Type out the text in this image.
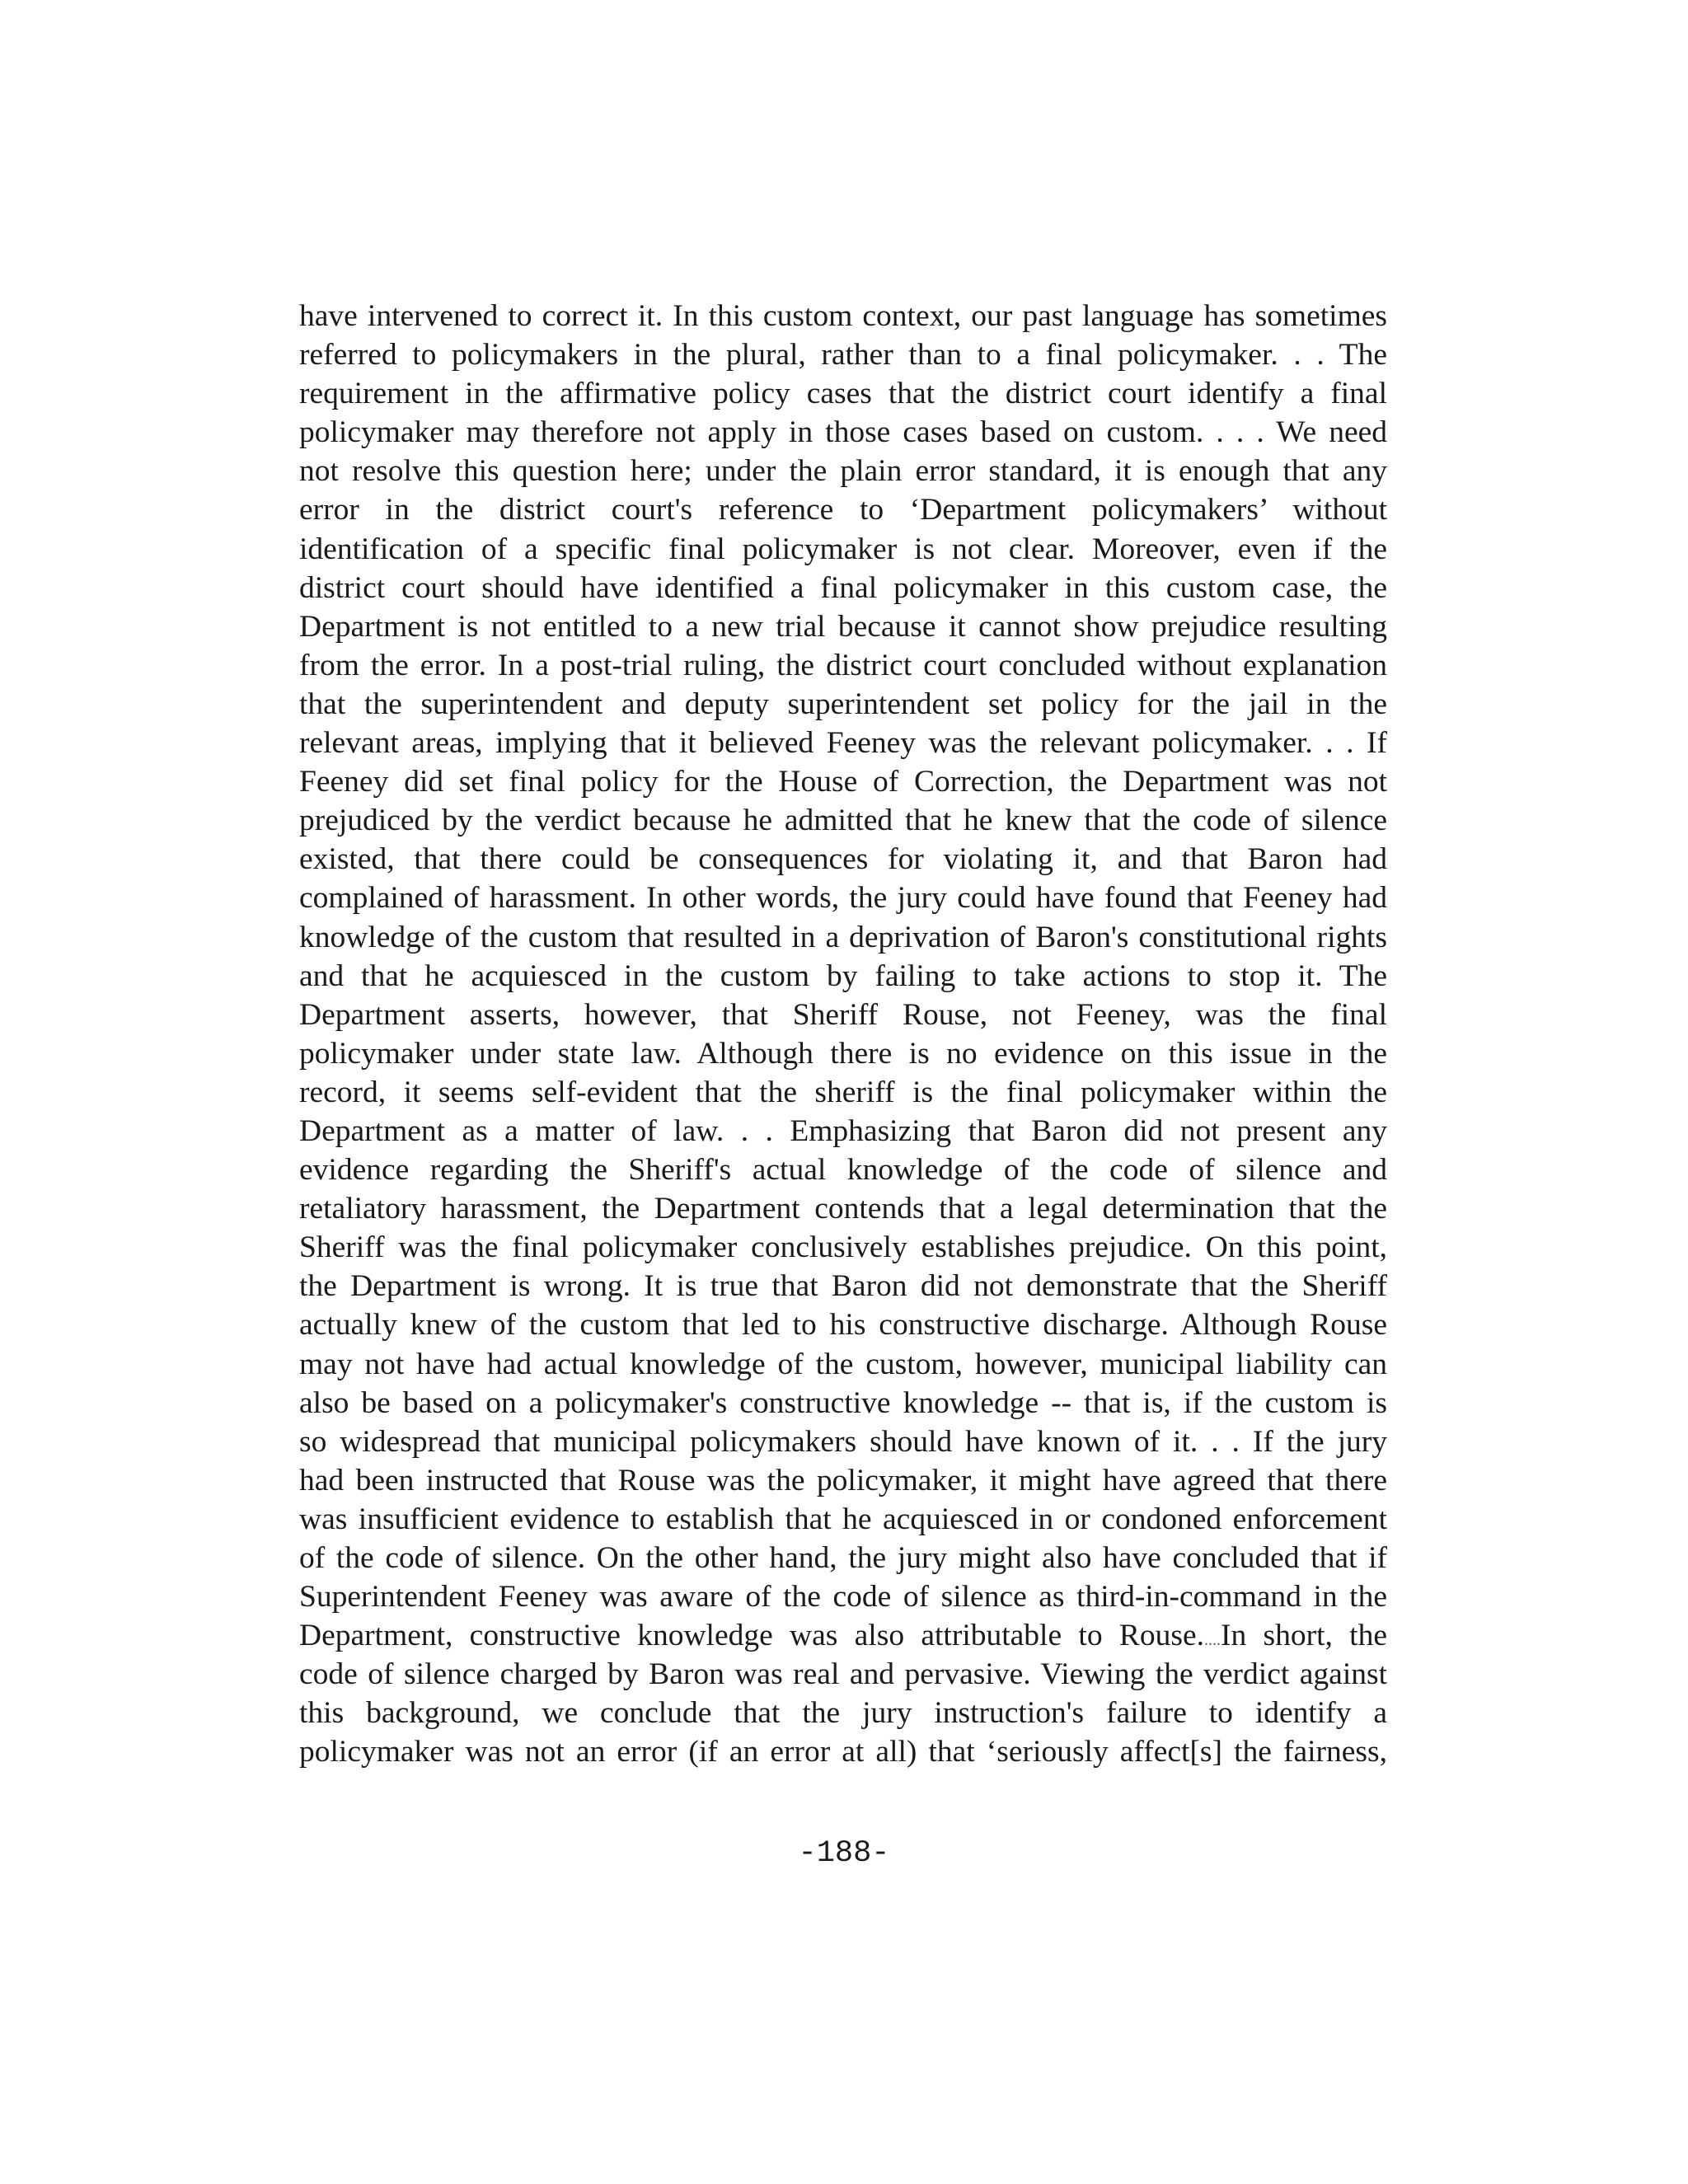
have intervened to correct it. In this custom context, our past language has sometimes
referred to policymakers in the plural, rather than to a final policymaker. . . The
requirement in the affirmative policy cases that the district court identify a final
policymaker may therefore not apply in those cases based on custom. . . . We need
not resolve this question here; under the plain error standard, it is enough that any
error in the district court's reference to ‘Department policymakers’ without
identification of a specific final policymaker is not clear. Moreover, even if the
district court should have identified a final policymaker in this custom case, the
Department is not entitled to a new trial because it cannot show prejudice resulting
from the error. In a post-trial ruling, the district court concluded without explanation
that the superintendent and deputy superintendent set policy for the jail in the
relevant areas, implying that it believed Feeney was the relevant policymaker. . . If
Feeney did set final policy for the House of Correction, the Department was not
prejudiced by the verdict because he admitted that he knew that the code of silence
existed, that there could be consequences for violating it, and that Baron had
complained of harassment. In other words, the jury could have found that Feeney had
knowledge of the custom that resulted in a deprivation of Baron's constitutional rights
and that he acquiesced in the custom by failing to take actions to stop it. The
Department asserts, however, that Sheriff Rouse, not Feeney, was the final
policymaker under state law. Although there is no evidence on this issue in the
record, it seems self-evident that the sheriff is the final policymaker within the
Department as a matter of law. . . Emphasizing that Baron did not present any
evidence regarding the Sheriff's actual knowledge of the code of silence and
retaliatory harassment, the Department contends that a legal determination that the
Sheriff was the final policymaker conclusively establishes prejudice. On this point,
the Department is wrong. It is true that Baron did not demonstrate that the Sheriff
actually knew of the custom that led to his constructive discharge. Although Rouse
may not have had actual knowledge of the custom, however, municipal liability can
also be based on a policymaker's constructive knowledge -- that is, if the custom is
so widespread that municipal policymakers should have known of it. . . If the jury
had been instructed that Rouse was the policymaker, it might have agreed that there
was insufficient evidence to establish that he acquiesced in or condoned enforcement
of the code of silence. On the other hand, the jury might also have concluded that if
Superintendent Feeney was aware of the code of silence as third-in-command in the
Department, constructive knowledge was also attributable to Rouse.....In short, the
code of silence charged by Baron was real and pervasive. Viewing the verdict against
this background, we conclude that the jury instruction's failure to identify a
policymaker was not an error (if an error at all) that ‘seriously affect[s] the fairness,
-188-
